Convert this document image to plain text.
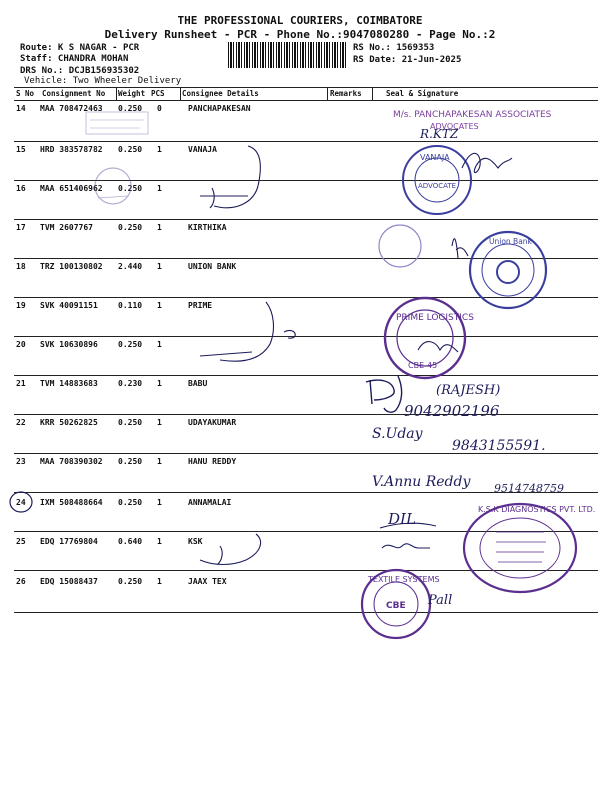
THE PROFESSIONAL COURIERS, COIMBATORE
Delivery Runsheet - PCR - Phone No.:9047080280 - Page No.:2
Route: K S NAGAR - PCR
Staff: CHANDRA MOHAN
DRS No.: DCJB156935302
Vehicle: Two Wheeler Delivery
RS No.: 1569353
RS Date: 21-Jun-2025
S No Consignment No Weight PCS Consignee Details	Remarks	Seal & Signature
14 MAA 708472463 0.250 0	PANCHAPAKESAN
15 HRD 383578782 0.250 1	VANAJA
16 MAA 651406962 0.250 1
17 TVM 2607767	0.250 1	KIRTHIKA
18 TRZ 100130802 2.440 1	UNION BANK
19 SVK 40091151	0.110 1	PRIME
20 SVK 10630896	0.250 1
21 TVM 14883683	0.230 1	BABU
22 KRR 50262825	0.250 1	UDAYAKUMAR
23 MAA 708390302 0.250 1	HANU REDDY
24 IXM 508488664 0.250 1	ANNAMALAI
25 EDQ 17769804	0.640 1	KSK
26 EDQ 15088437	0.250 1	JAAX TEX
M/s. PANCHAPAKESAN ASSOCIATES
ADVOCATES
R.KTZ
VANAJA
ADVOCATE
Union Bank
PRIME LOGISTICS
CBE-45
(RAJESH)
9042902196
S.Uday
9843155591.
V.Annu Reddy 9514748759
DIL
K.S.K DIAGNOSTICS PVT. LTD.
TEXTILE SYSTEMS
CBE Pall
